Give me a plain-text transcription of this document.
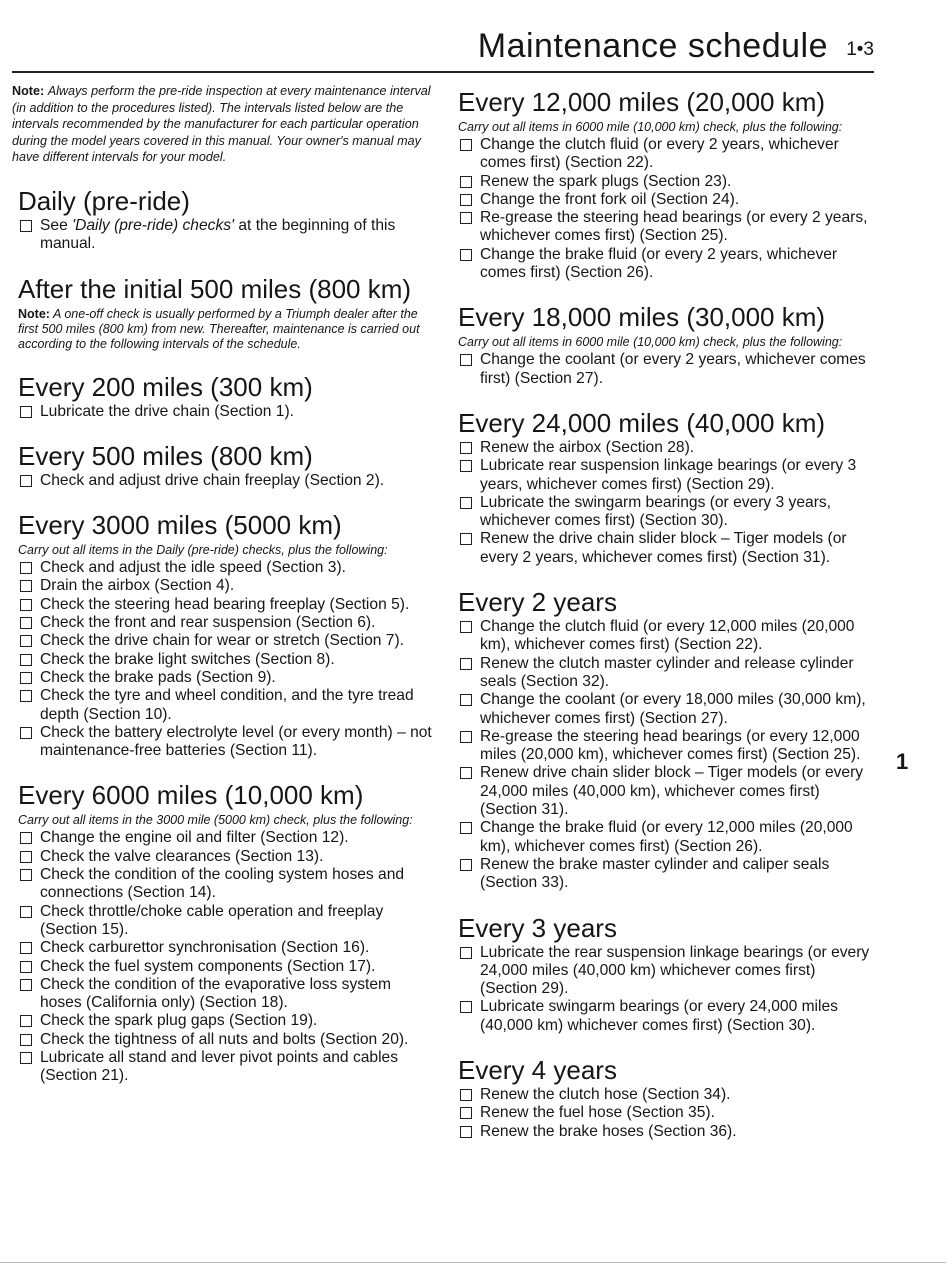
Maintenance schedule 1•3

Note: Always perform the pre-ride inspection at every maintenance interval (in addition to the procedures listed). The intervals listed below are the intervals recommended by the manufacturer for each particular operation during the model years covered in this manual. Your owner's manual may have different intervals for your model.

Daily (pre-ride)
See 'Daily (pre-ride) checks' at the beginning of this manual.
After the initial 500 miles (800 km)

Note: A one-off check is usually performed by a Triumph dealer after the first 500 miles (800 km) from new. Thereafter, maintenance is carried out according to the following intervals of the schedule.

Every 200 miles (300 km)
Lubricate the drive chain (Section 1).
Every 500 miles (800 km)
Check and adjust drive chain freeplay (Section 2).
Every 3000 miles (5000 km)

Carry out all items in the Daily (pre-ride) checks, plus the following:

Check and adjust the idle speed (Section 3).
Drain the airbox (Section 4).
Check the steering head bearing freeplay (Section 5).
Check the front and rear suspension (Section 6).
Check the drive chain for wear or stretch (Section 7).
Check the brake light switches (Section 8).
Check the brake pads (Section 9).
Check the tyre and wheel condition, and the tyre tread depth (Section 10).
Check the battery electrolyte level (or every month) – not maintenance-free batteries (Section 11).
Every 6000 miles (10,000 km)

Carry out all items in the 3000 mile (5000 km) check, plus the following:

Change the engine oil and filter (Section 12).
Check the valve clearances (Section 13).
Check the condition of the cooling system hoses and connections (Section 14).
Check throttle/choke cable operation and freeplay (Section 15).
Check carburettor synchronisation (Section 16).
Check the fuel system components (Section 17).
Check the condition of the evaporative loss system hoses (California only) (Section 18).
Check the spark plug gaps (Section 19).
Check the tightness of all nuts and bolts (Section 20).
Lubricate all stand and lever pivot points and cables (Section 21).
Every 12,000 miles (20,000 km)

Carry out all items in 6000 mile (10,000 km) check, plus the following:

Change the clutch fluid (or every 2 years, whichever comes first) (Section 22).
Renew the spark plugs (Section 23).
Change the front fork oil (Section 24).
Re-grease the steering head bearings (or every 2 years, whichever comes first) (Section 25).
Change the brake fluid (or every 2 years, whichever comes first) (Section 26).
Every 18,000 miles (30,000 km)

Carry out all items in 6000 mile (10,000 km) check, plus the following:

Change the coolant (or every 2 years, whichever comes first) (Section 27).
Every 24,000 miles (40,000 km)
Renew the airbox (Section 28).
Lubricate rear suspension linkage bearings (or every 3 years, whichever comes first) (Section 29).
Lubricate the swingarm bearings (or every 3 years, whichever comes first) (Section 30).
Renew the drive chain slider block – Tiger models (or every 2 years, whichever comes first) (Section 31).
Every 2 years
Change the clutch fluid (or every 12,000 miles (20,000 km), whichever comes first) (Section 22).
Renew the clutch master cylinder and release cylinder seals (Section 32).
Change the coolant (or every 18,000 miles (30,000 km), whichever comes first) (Section 27).
Re-grease the steering head bearings (or every 12,000 miles (20,000 km), whichever comes first) (Section 25).
Renew drive chain slider block – Tiger models (or every 24,000 miles (40,000 km), whichever comes first) (Section 31).
Change the brake fluid (or every 12,000 miles (20,000 km), whichever comes first) (Section 26).
Renew the brake master cylinder and caliper seals (Section 33).
Every 3 years
Lubricate the rear suspension linkage bearings (or every 24,000 miles (40,000 km) whichever comes first) (Section 29).
Lubricate swingarm bearings (or every 24,000 miles (40,000 km) whichever comes first) (Section 30).
Every 4 years
Renew the clutch hose (Section 34).
Renew the fuel hose (Section 35).
Renew the brake hoses (Section 36).
1
